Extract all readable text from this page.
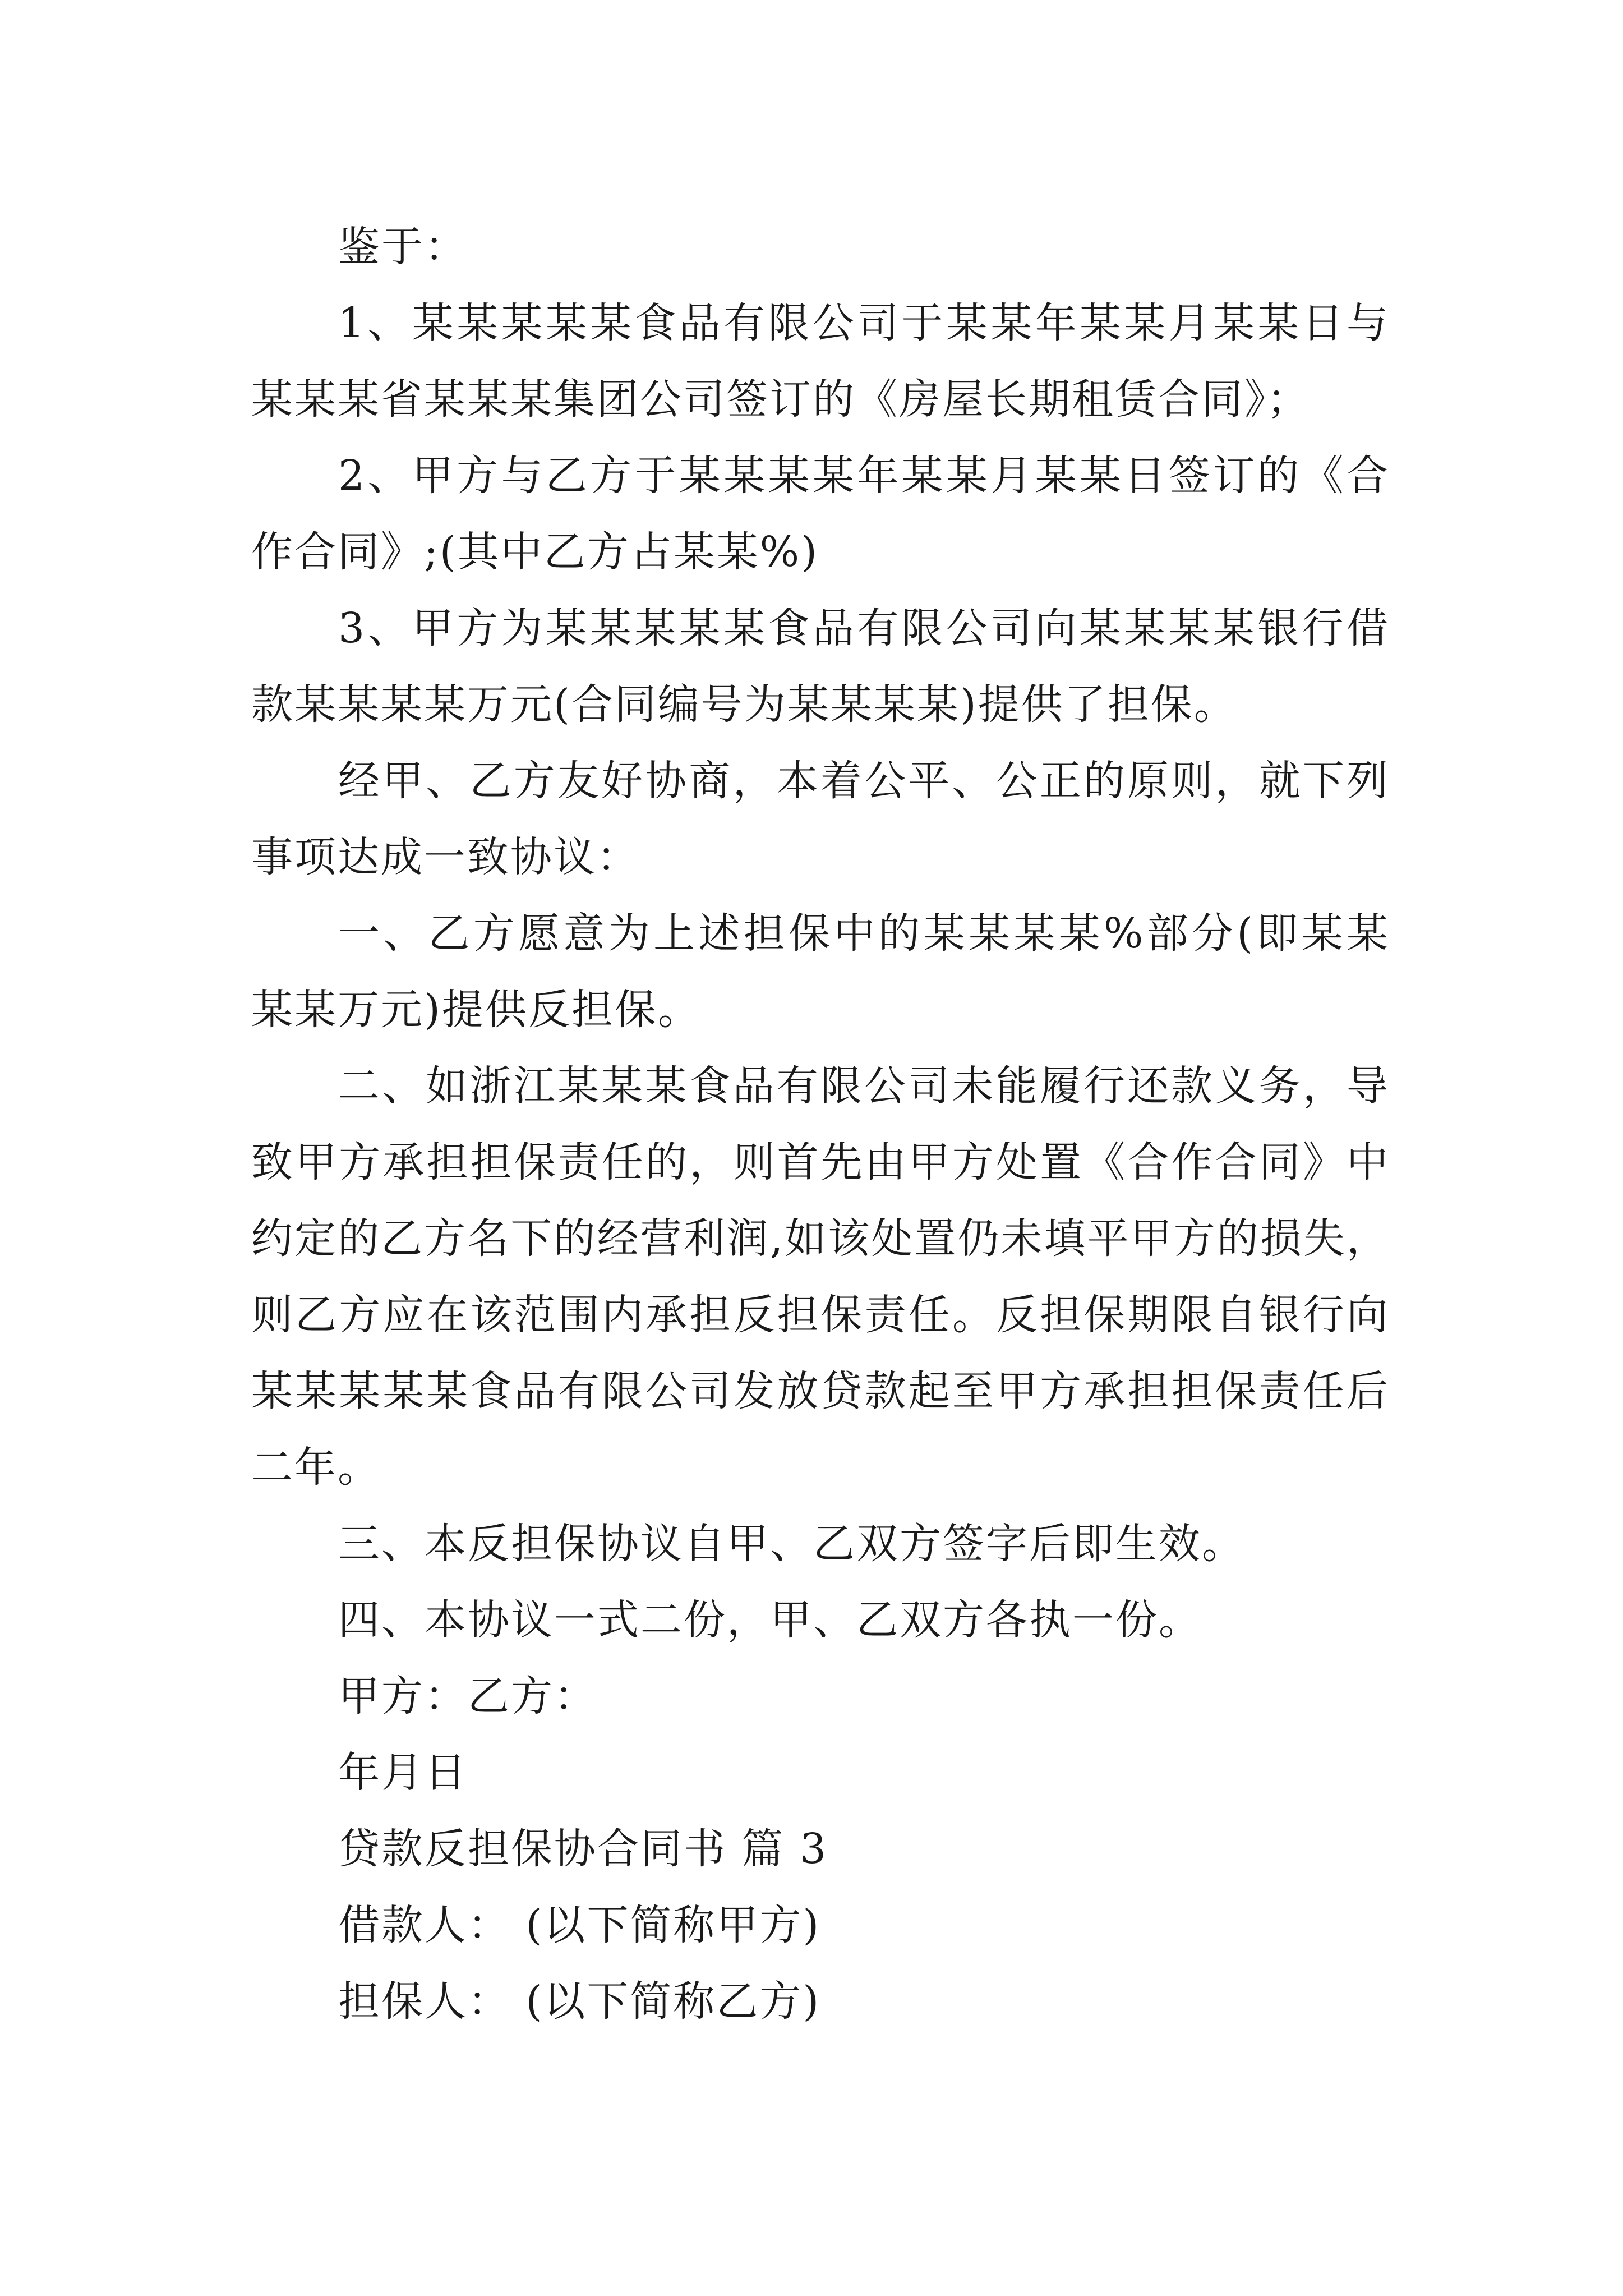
鉴于：

1、某某某某某食品有限公司于某某年某某月某某日与某某某省某某某集团公司签订的《房屋长期租赁合同》；

2、甲方与乙方于某某某某年某某月某某日签订的《合作合同》;(其中乙方占某某%)

3、甲方为某某某某某食品有限公司向某某某某银行借款某某某某万元(合同编号为某某某某)提供了担保。

经甲、乙方友好协商，本着公平、公正的原则，就下列事项达成一致协议：

一、乙方愿意为上述担保中的某某某某%部分(即某某某某万元)提供反担保。

二、如浙江某某某食品有限公司未能履行还款义务，导致甲方承担担保责任的，则首先由甲方处置《合作合同》中约定的乙方名下的经营利润,如该处置仍未填平甲方的损失，则乙方应在该范围内承担反担保责任。反担保期限自银行向某某某某某食品有限公司发放贷款起至甲方承担担保责任后二年。

三、本反担保协议自甲、乙双方签字后即生效。

四、本协议一式二份，甲、乙双方各执一份。

甲方：乙方：

年月日

贷款反担保协合同书 篇 3

借款人： (以下简称甲方)

担保人： (以下简称乙方)
